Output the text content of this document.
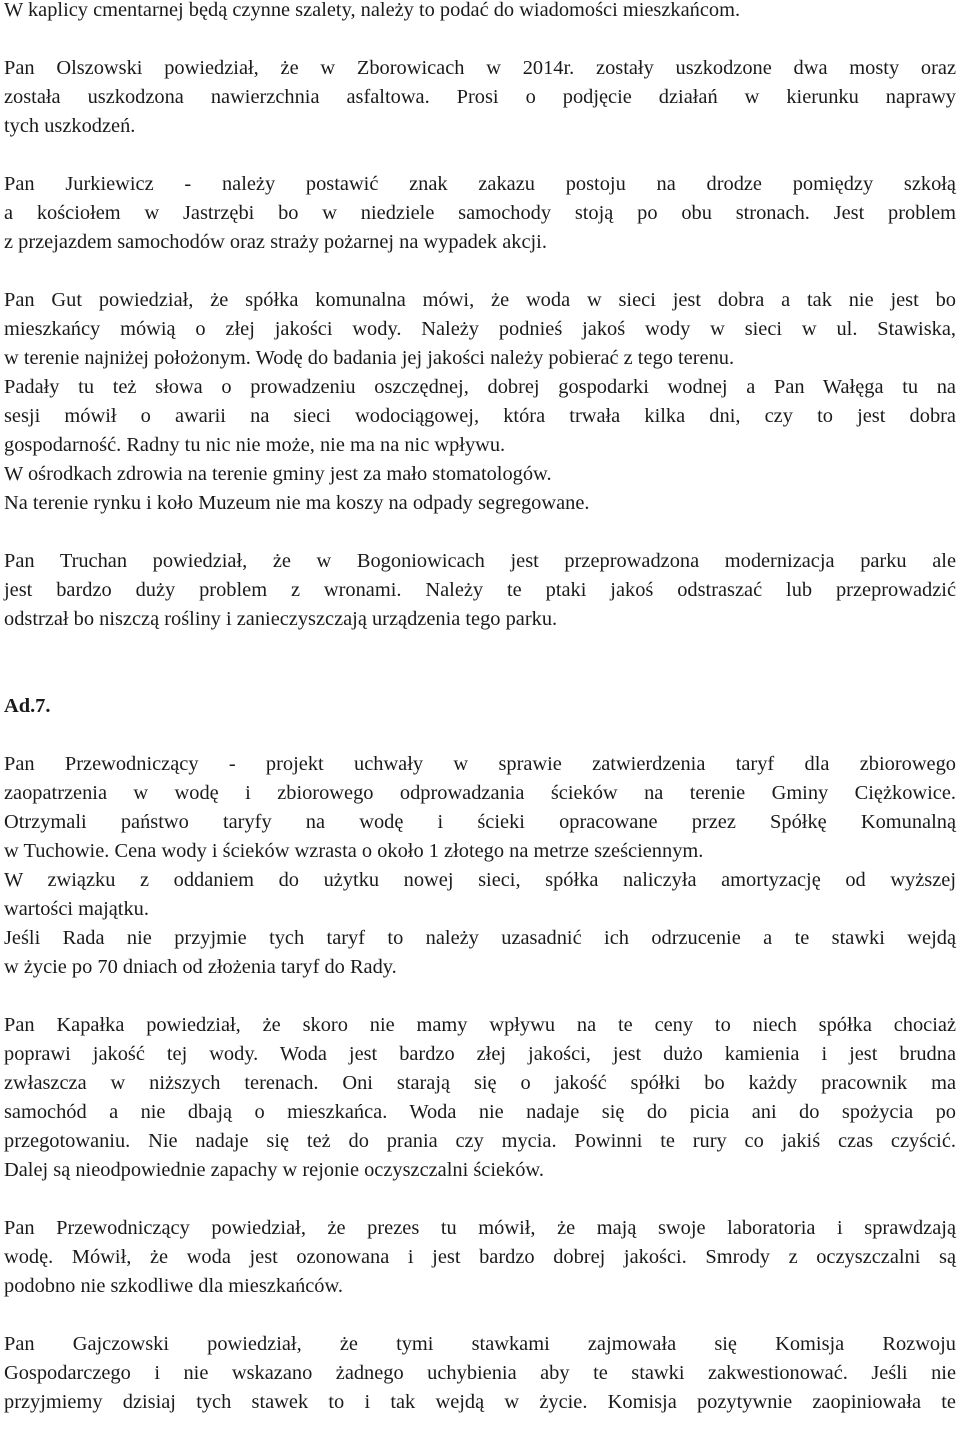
W kaplicy cmentarnej będą czynne szalety, należy to podać do wiadomości mieszkańcom.
Pan Olszowski powiedział, że w Zborowicach w 2014r. zostały uszkodzone dwa mosty oraz
została uszkodzona nawierzchnia asfaltowa. Prosi o podjęcie działań w kierunku naprawy
tych uszkodzeń.
Pan Jurkiewicz - należy postawić znak zakazu postoju na drodze pomiędzy szkołą
a kościołem w Jastrzębi bo w niedziele samochody stoją po obu stronach. Jest problem
z przejazdem samochodów oraz straży pożarnej na wypadek akcji.
Pan Gut powiedział, że spółka komunalna mówi, że woda w sieci jest dobra a tak nie jest bo
mieszkańcy mówią o złej jakości wody. Należy podnieś jakoś wody w sieci w ul. Stawiska,
w terenie najniżej położonym. Wodę do badania jej jakości należy pobierać z tego terenu.
Padały tu też słowa o prowadzeniu oszczędnej, dobrej gospodarki wodnej a Pan Wałęga tu na
sesji mówił o awarii na sieci wodociągowej, która trwała kilka dni, czy to jest dobra
gospodarność. Radny tu nic nie może, nie ma na nic wpływu.
W ośrodkach zdrowia na terenie gminy jest za mało stomatologów.
Na terenie rynku i koło Muzeum nie ma koszy na odpady segregowane.
Pan Truchan powiedział, że w Bogoniowicach jest przeprowadzona modernizacja parku ale
jest bardzo duży problem z wronami. Należy te ptaki jakoś odstraszać lub przeprowadzić
odstrzał bo niszczą rośliny i zanieczyszczają urządzenia tego parku.
Ad.7.
Pan Przewodniczący - projekt uchwały w sprawie zatwierdzenia taryf dla zbiorowego
zaopatrzenia w wodę i zbiorowego odprowadzania ścieków na terenie Gminy Ciężkowice.
Otrzymali państwo taryfy na wodę i ścieki opracowane przez Spółkę Komunalną
w Tuchowie. Cena wody i ścieków wzrasta o około 1 złotego na metrze sześciennym.
W związku z oddaniem do użytku nowej sieci, spółka naliczyła amortyzację od wyższej
wartości majątku.
Jeśli Rada nie przyjmie tych taryf to należy uzasadnić ich odrzucenie a te stawki wejdą
w życie po 70 dniach od złożenia taryf do Rady.
Pan Kapałka powiedział, że skoro nie mamy wpływu na te ceny to niech spółka chociaż
poprawi jakość tej wody. Woda jest bardzo złej jakości, jest dużo kamienia i jest brudna
zwłaszcza w niższych terenach. Oni starają się o jakość spółki bo każdy pracownik ma
samochód a nie dbają o mieszkańca. Woda nie nadaje się do picia ani do spożycia po
przegotowaniu. Nie nadaje się też do prania czy mycia. Powinni te rury co jakiś czas czyścić.
Dalej są nieodpowiednie zapachy w rejonie oczyszczalni ścieków.
Pan Przewodniczący powiedział, że prezes tu mówił, że mają swoje laboratoria i sprawdzają
wodę. Mówił, że woda jest ozonowana i jest bardzo dobrej jakości. Smrody z oczyszczalni są
podobno nie szkodliwe dla mieszkańców.
Pan Gajczowski powiedział, że tymi stawkami zajmowała się Komisja Rozwoju
Gospodarczego i nie wskazano żadnego uchybienia aby te stawki zakwestionować. Jeśli nie
przyjmiemy dzisiaj tych stawek to i tak wejdą w życie. Komisja pozytywnie zaopiniowała te
